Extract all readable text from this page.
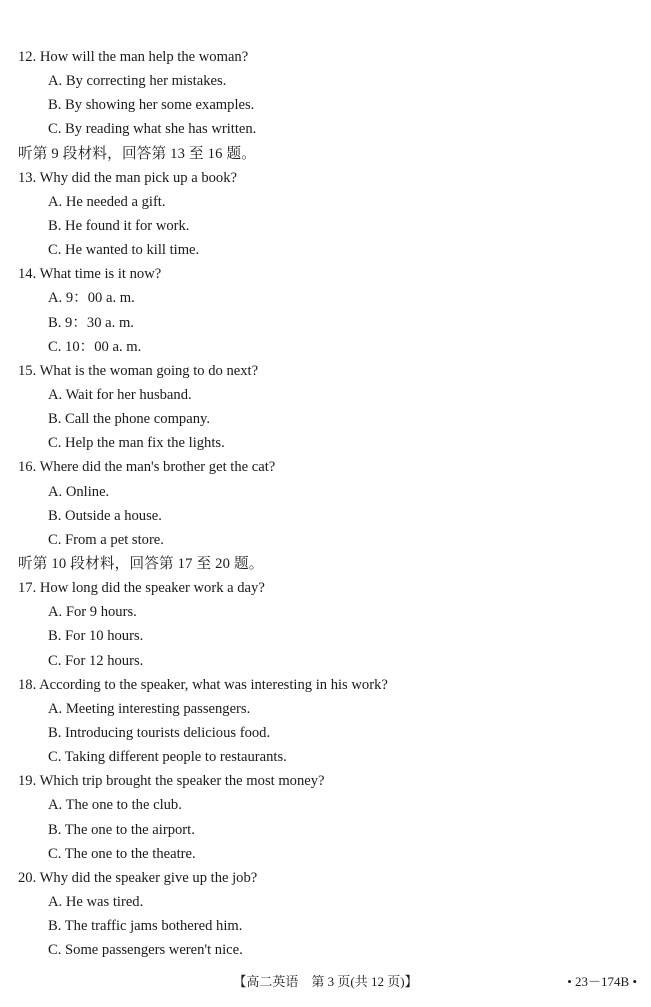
12. How will the man help the woman?
A. By correcting her mistakes.
B. By showing her some examples.
C. By reading what she has written.
听第 9 段材料，回答第 13 至 16 题。
13. Why did the man pick up a book?
A. He needed a gift.
B. He found it for work.
C. He wanted to kill time.
14. What time is it now?
A. 9：00 a. m.
B. 9：30 a. m.
C. 10：00 a. m.
15. What is the woman going to do next?
A. Wait for her husband.
B. Call the phone company.
C. Help the man fix the lights.
16. Where did the man's brother get the cat?
A. Online.
B. Outside a house.
C. From a pet store.
听第 10 段材料，回答第 17 至 20 题。
17. How long did the speaker work a day?
A. For 9 hours.
B. For 10 hours.
C. For 12 hours.
18. According to the speaker, what was interesting in his work?
A. Meeting interesting passengers.
B. Introducing tourists delicious food.
C. Taking different people to restaurants.
19. Which trip brought the speaker the most money?
A. The one to the club.
B. The one to the airport.
C. The one to the theatre.
20. Why did the speaker give up the job?
A. He was tired.
B. The traffic jams bothered him.
C. Some passengers weren't nice.
【高二英语　第 3 页(共 12 页)】	• 23－174B •
